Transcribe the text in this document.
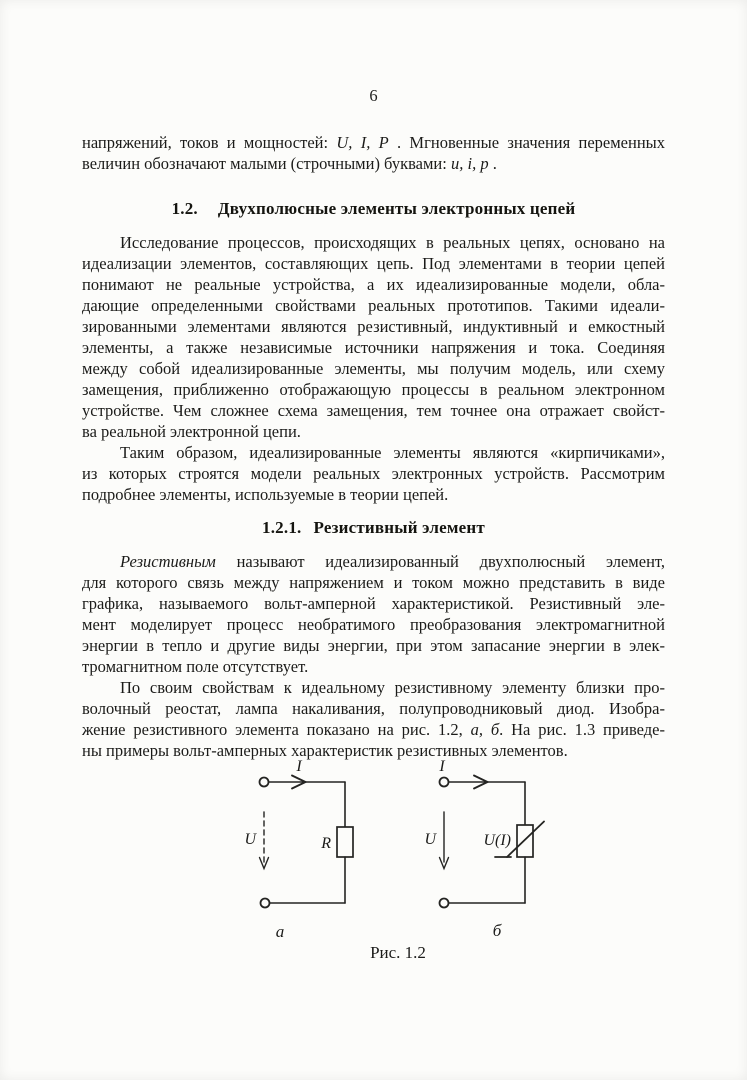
6
напряжений, токов и мощностей: U, I, P . Мгновенные значения переменных
величин обозначают малыми (строчными) буквами: u, i, p .
1.2. Двухполюсные элементы электронных цепей
Исследование процессов, происходящих в реальных цепях, основано на
идеализации элементов, составляющих цепь. Под элементами в теории цепей
понимают не реальные устройства, а их идеализированные модели, обла-
дающие определенными свойствами реальных прототипов. Такими идеали-
зированными элементами являются резистивный, индуктивный и емкостный
элементы, а также независимые источники напряжения и тока. Соединяя
между собой идеализированные элементы, мы получим модель, или схему
замещения, приближенно отображающую процессы в реальном электронном
устройстве. Чем сложнее схема замещения, тем точнее она отражает свойст-
ва реальной электронной цепи.
Таким образом, идеализированные элементы являются «кирпичиками»,
из которых строятся модели реальных электронных устройств. Рассмотрим
подробнее элементы, используемые в теории цепей.
1.2.1. Резистивный элемент
Резистивным называют идеализированный двухполюсный элемент,
для которого связь между напряжением и током можно представить в виде
графика, называемого вольт-амперной характеристикой. Резистивный эле-
мент моделирует процесс необратимого преобразования электромагнитной
энергии в тепло и другие виды энергии, при этом запасание энергии в элек-
тромагнитном поле отсутствует.
По своим свойствам к идеальному резистивному элементу близки про-
волочный реостат, лампа накаливания, полупроводниковый диод. Изобра-
жение резистивного элемента показано на рис. 1.2, а, б. На рис. 1.3 приведе-
ны примеры вольт-амперных характеристик резистивных элементов.
I
U	R
а
I
U	U(I)
б
Рис. 1.2
